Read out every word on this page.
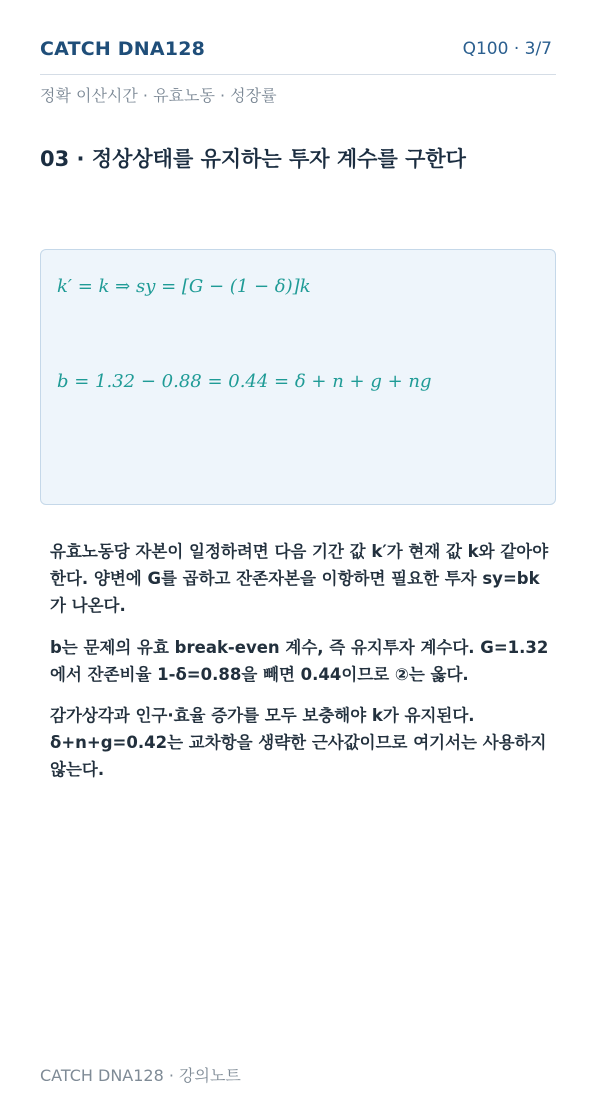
CATCH DNA128	Q100 · 3/7
정확 이산시간 · 유효노동 · 성장률
03 · 정상상태를 유지하는 투자 계수를 구한다
k′ = k ⇒ sy = [G − (1 − δ)]k
b = 1.32 − 0.88 = 0.44 = δ + n + g + ng

유효노동당 자본이 일정하려면 다음 기간 값 k′가 현재 값 k와 같아야 한다. 양변에 G를 곱하고 잔존자본을 이항하면 필요한 투자 sy=bk가 나온다.

b는 문제의 유효 break-even 계수, 즉 유지투자 계수다. G=1.32에서 잔존비율 1-δ=0.88을 빼면 0.44이므로 ②는 옳다.

감가상각과 인구·효율 증가를 모두 보충해야 k가 유지된다. δ+n+g=0.42는 교차항을 생략한 근사값이므로 여기서는 사용하지 않는다.

CATCH DNA128 · 강의노트
